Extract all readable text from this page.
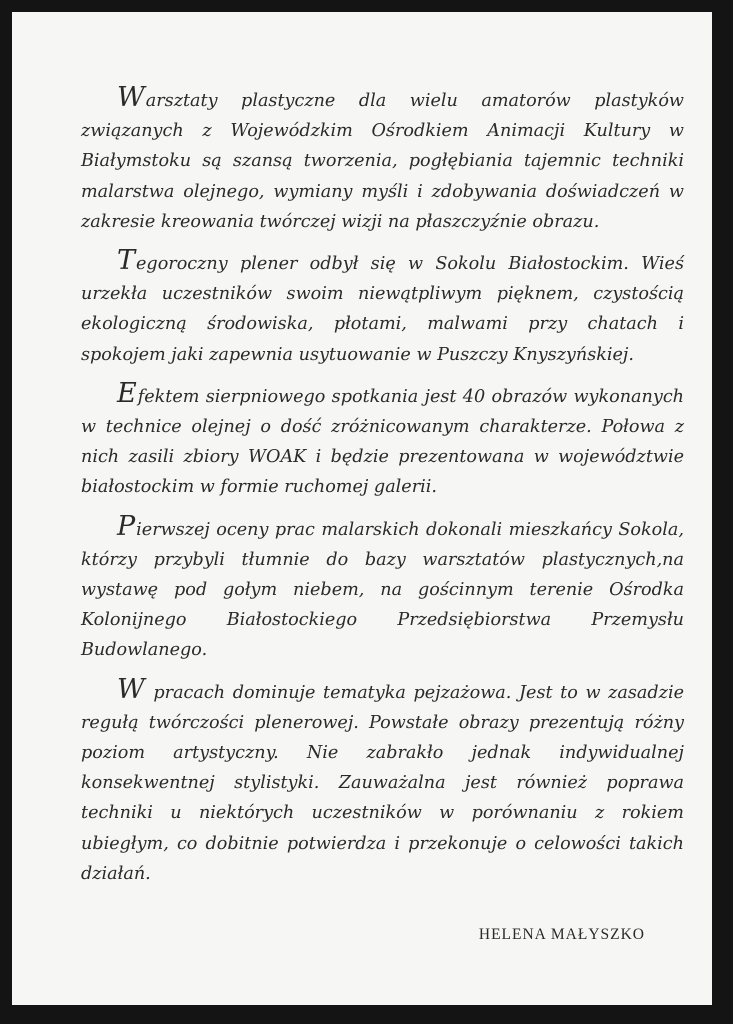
Warsztaty plastyczne dla wielu amatorów plastyków związanych z Wojewódzkim Ośrodkiem Animacji Kultury w Białymstoku są szansą tworzenia, pogłębiania tajemnic techniki malarstwa olejnego, wymiany myśli i zdobywania doświadczeń w zakresie kreowania twórczej wizji na płaszczyźnie obrazu.

Tegoroczny plener odbył się w Sokolu Białostockim. Wieś urzekła uczestników swoim niewątpliwym pięknem, czystością ekologiczną środowiska, płotami, malwami przy chatach i spokojem jaki zapewnia usytuowanie w Puszczy Knyszyńskiej.

Efektem sierpniowego spotkania jest 40 obrazów wykonanych w technice olejnej o dość zróżnicowanym charakterze. Połowa z nich zasili zbiory WOAK i będzie prezentowana w województwie białostockim w formie ruchomej galerii.

Pierwszej oceny prac malarskich dokonali mieszkańcy Sokola, którzy przybyli tłumnie do bazy warsztatów plastycznych,na wystawę pod gołym niebem, na gościnnym terenie Ośrodka Kolonijnego Białostockiego Przedsiębiorstwa Przemysłu Budowlanego.

W pracach dominuje tematyka pejzażowa. Jest to w zasadzie regułą twórczości plenerowej. Powstałe obrazy prezentują różny poziom artystyczny. Nie zabrakło jednak indywidualnej konsekwentnej stylistyki. Zauważalna jest również poprawa techniki u niektórych uczestników w porównaniu z rokiem ubiegłym, co dobitnie potwierdza i przekonuje o celowości takich działań.

HELENA MAŁYSZKO
